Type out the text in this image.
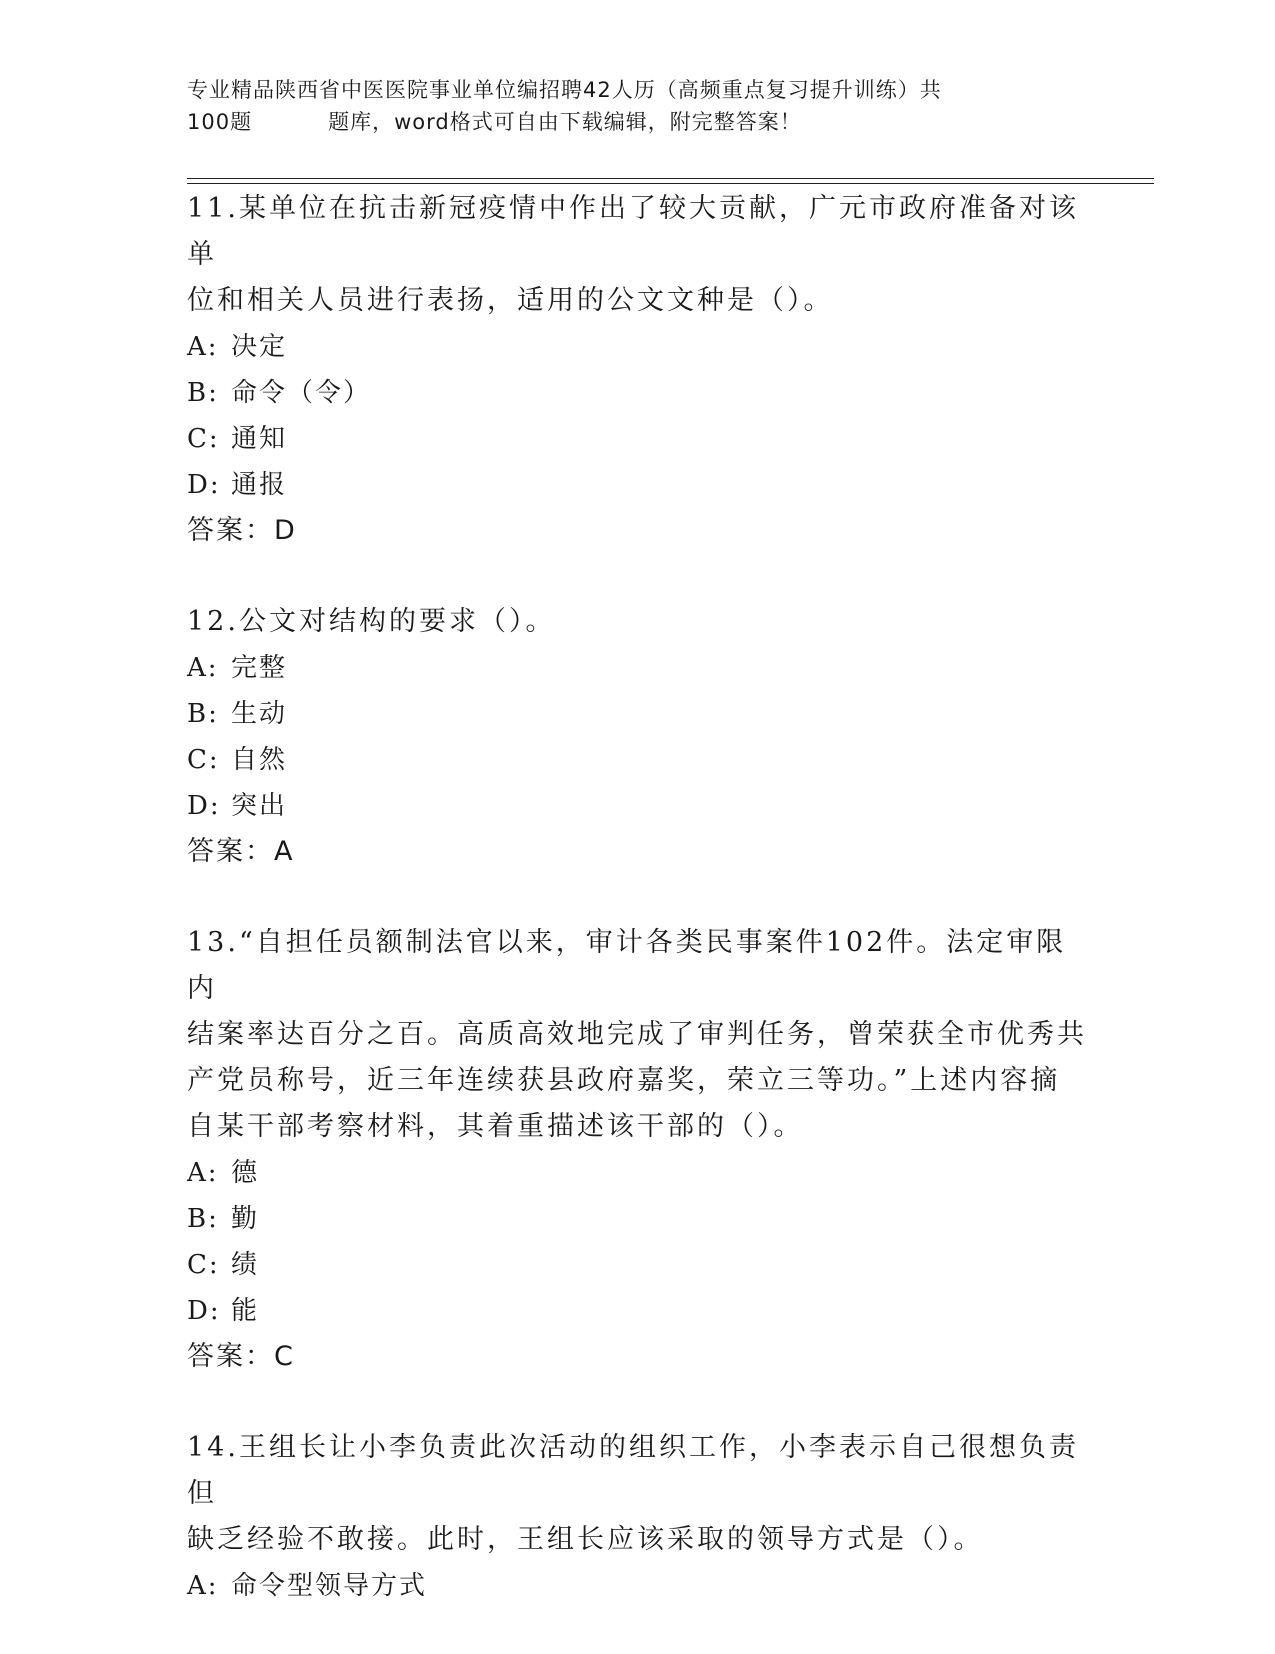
专业精品陕西省中医医院事业单位编招聘42人历（高频重点复习提升训练）共
100题	题库，word格式可自由下载编辑，附完整答案！

11.某单位在抗击新冠疫情中作出了较大贡献，广元市政府准备对该单

位和相关人员进行表扬，适用的公文文种是（）。

A: 决定

B: 命令（令）

C: 通知

D: 通报

答案：D

12.公文对结构的要求（）。

A: 完整

B: 生动

C: 自然

D: 突出

答案：A

13.“自担任员额制法官以来，审计各类民事案件102件。法定审限内

结案率达百分之百。高质高效地完成了审判任务，曾荣获全市优秀共

产党员称号，近三年连续获县政府嘉奖，荣立三等功。”上述内容摘

自某干部考察材料，其着重描述该干部的（）。

A: 德

B: 勤

C: 绩

D: 能

答案：C

14.王组长让小李负责此次活动的组织工作，小李表示自己很想负责但

缺乏经验不敢接。此时，王组长应该采取的领导方式是（）。

A: 命令型领导方式
